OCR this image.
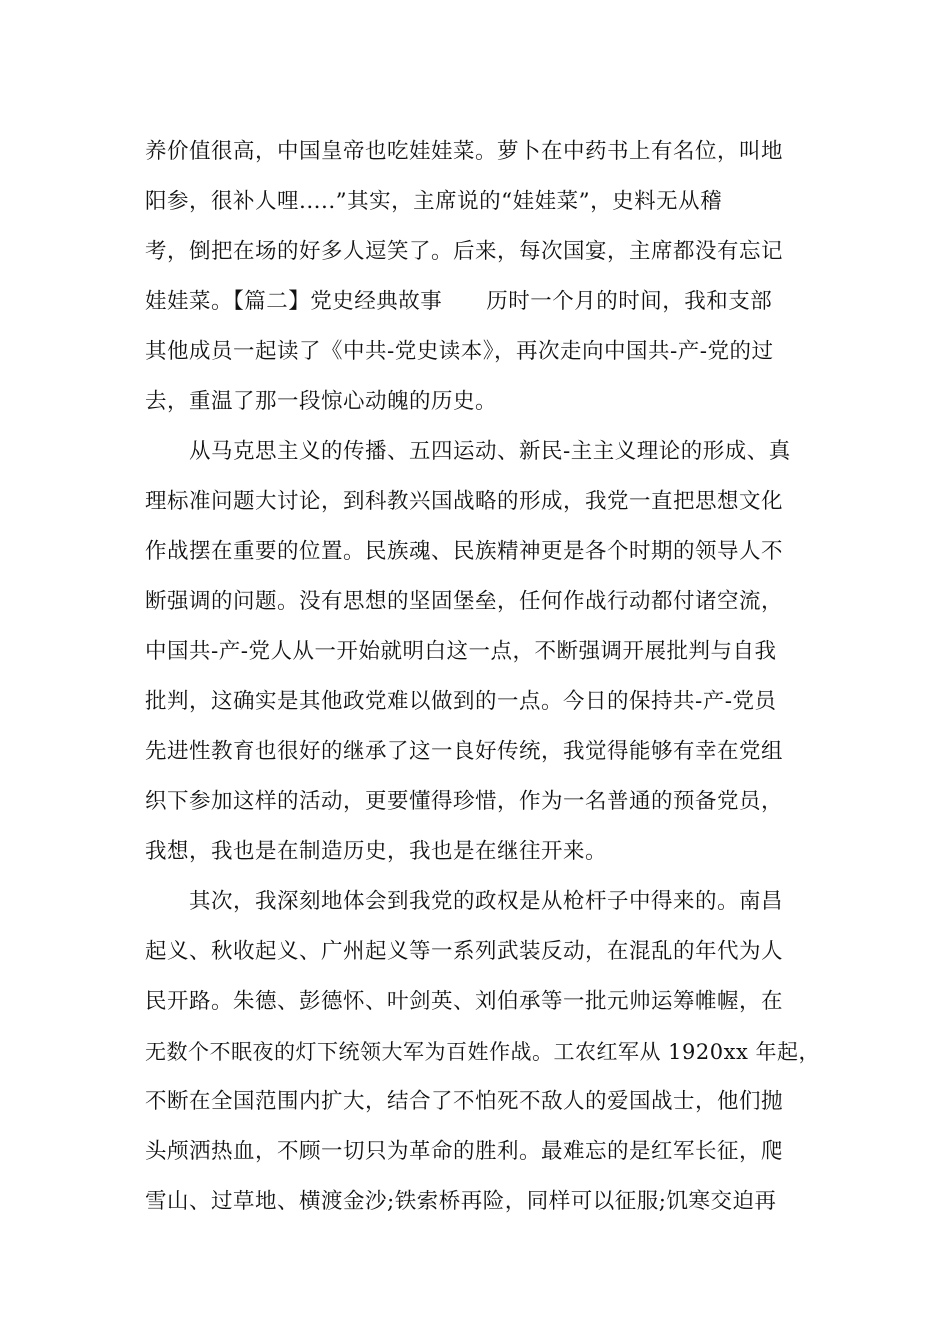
养价值很高，中国皇帝也吃娃娃菜。萝卜在中药书上有名位，叫地
阳参，很补人哩.....”其实，主席说的“娃娃菜”，史料无从稽
考，倒把在场的好多人逗笑了。后来，每次国宴，主席都没有忘记
娃娃菜。【篇二】党史经典故事　　历时一个月的时间，我和支部
其他成员一起读了《中共-党史读本》，再次走向中国共-产-党的过
去，重温了那一段惊心动魄的历史。
　　从马克思主义的传播、五四运动、新民-主主义理论的形成、真
理标准问题大讨论，到科教兴国战略的形成，我党一直把思想文化
作战摆在重要的位置。民族魂、民族精神更是各个时期的领导人不
断强调的问题。没有思想的坚固堡垒，任何作战行动都付诸空流，
中国共-产-党人从一开始就明白这一点，不断强调开展批判与自我
批判，这确实是其他政党难以做到的一点。今日的保持共-产-党员
先进性教育也很好的继承了这一良好传统，我觉得能够有幸在党组
织下参加这样的活动，更要懂得珍惜，作为一名普通的预备党员，
我想，我也是在制造历史，我也是在继往开来。
　　其次，我深刻地体会到我党的政权是从枪杆子中得来的。南昌
起义、秋收起义、广州起义等一系列武装反动，在混乱的年代为人
民开路。朱德、彭德怀、叶剑英、刘伯承等一批元帅运筹帷幄，在
无数个不眠夜的灯下统领大军为百姓作战。工农红军从 1920xx 年起，
不断在全国范围内扩大，结合了不怕死不敌人的爱国战士，他们抛
头颅洒热血，不顾一切只为革命的胜利。最难忘的是红军长征，爬
雪山、过草地、横渡金沙;铁索桥再险，同样可以征服;饥寒交迫再
